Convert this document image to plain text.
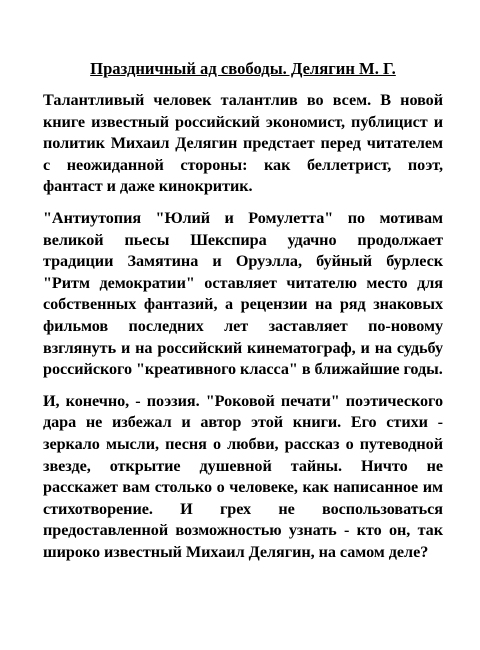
Праздничный ад свободы. Делягин М. Г.

Талантливый человек талантлив во всем. В новой книге известный российский экономист, публицист и политик Михаил Делягин предстает перед читателем с неожиданной стороны: как беллетрист, поэт, фантаст и даже кинокритик.

"Антиутопия "Юлий и Ромулетта" по мотивам великой пьесы Шекспира удачно продолжает традиции Замятина и Оруэлла, буйный бурлеск "Ритм демократии" оставляет читателю место для собственных фантазий, а рецензии на ряд знаковых фильмов последних лет заставляет по-новому взглянуть и на российский кинематограф, и на судьбу российского "креативного класса" в ближайшие годы.

И, конечно, - поэзия. "Роковой печати" поэтического дара не избежал и автор этой книги. Его стихи - зеркало мысли, песня о любви, рассказ о путеводной звезде, открытие душевной тайны. Ничто не расскажет вам столько о человеке, как написанное им стихотворение. И грех не воспользоваться предоставленной возможностью узнать - кто он, так широко известный Михаил Делягин, на самом деле?
